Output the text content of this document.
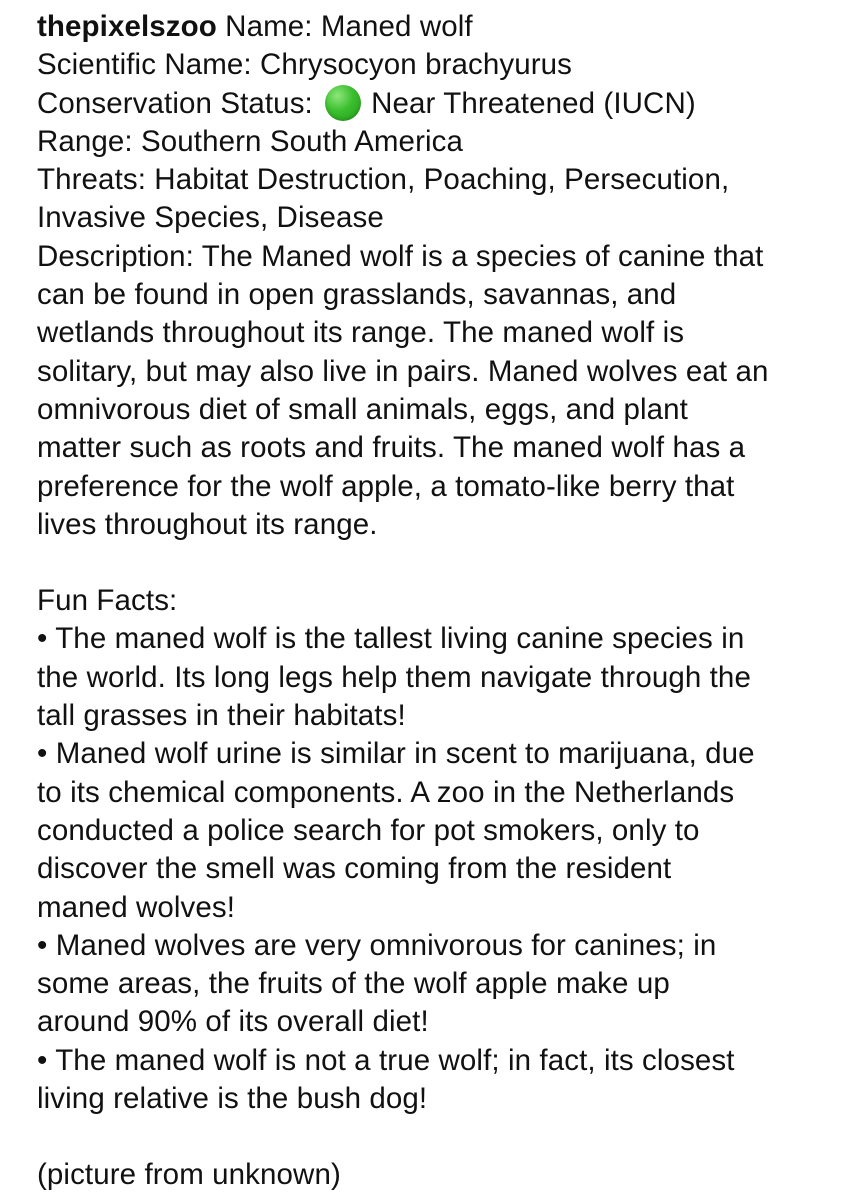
thepixelszoo Name: Maned wolf
Scientific Name: Chrysocyon brachyurus
Conservation Status: Near Threatened (IUCN)
Range: Southern South America
Threats: Habitat Destruction, Poaching, Persecution,
Invasive Species, Disease
Description: The Maned wolf is a species of canine that
can be found in open grasslands, savannas, and
wetlands throughout its range. The maned wolf is
solitary, but may also live in pairs. Maned wolves eat an
omnivorous diet of small animals, eggs, and plant
matter such as roots and fruits. The maned wolf has a
preference for the wolf apple, a tomato-like berry that
lives throughout its range.
Fun Facts:
• The maned wolf is the tallest living canine species in
the world. Its long legs help them navigate through the
tall grasses in their habitats!
• Maned wolf urine is similar in scent to marijuana, due
to its chemical components. A zoo in the Netherlands
conducted a police search for pot smokers, only to
discover the smell was coming from the resident
maned wolves!
• Maned wolves are very omnivorous for canines; in
some areas, the fruits of the wolf apple make up
around 90% of its overall diet!
• The maned wolf is not a true wolf; in fact, its closest
living relative is the bush dog!
(picture from unknown)
